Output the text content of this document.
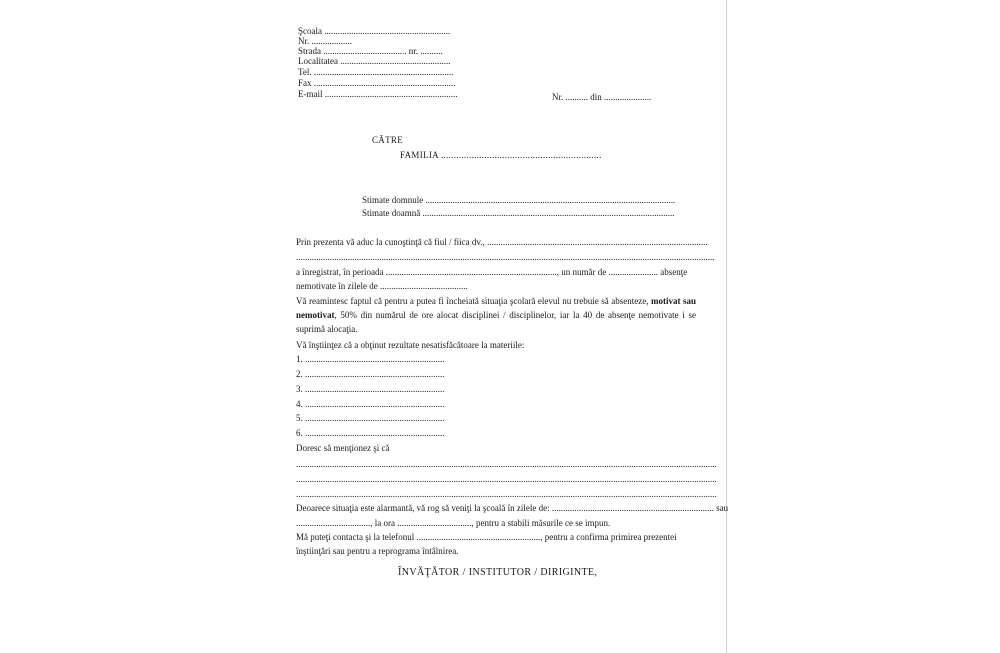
Şcoala ........................................................
Nr. ..................
Strada ..................................... nr. ..........
Localitatea .................................................
Tel. ..............................................................
Fax ...............................................................
E-mail ...........................................................	Nr. .......... din .....................
CĂTRE
FAMILIA ...............................................................
Stimate domnule ...............................................................................................................
Stimate doamnă ................................................................................................................
Prin prezenta vă aduc la cunoştinţă că fiul / fiica dv., ..................................................................................................
..........................................................................................................................................................................................
a înregistrat, în perioada ............................................................................, un număr de ...................... absenţe
nemotivate în zilele de .......................................
Vă reamintesc faptul că pentru a putea fi încheiată situaţia şcolară elevul nu trebuie să absenteze, motivat sau nemotivat, 50% din numărul de ore alocat disciplinei / disciplinelor, iar la 40 de absenţe nemotivate i se suprimă alocaţia.
Vă înştiinţez că a obţinut rezultate nesatisfăcătoare la materiile:
1. ..............................................................
2. ..............................................................
3. ..............................................................
4. ..............................................................
5. ..............................................................
6. ..............................................................
Doresc să menţionez şi că
...........................................................................................................................................................................................
...........................................................................................................................................................................................
...........................................................................................................................................................................................
Deoarece situaţia este alarmantă, vă rog să veniţi la şcoală în zilele de: ........................................................................ sau
................................., la ora ................................., pentru a stabili măsurile ce se impun.
Mă puteţi contacta şi la telefonul ......................................................., pentru a confirma primirea prezentei
înştiinţări sau pentru a reprograma întâlnirea.
ÎNVĂŢĂTOR / INSTITUTOR / DIRIGINTE,
